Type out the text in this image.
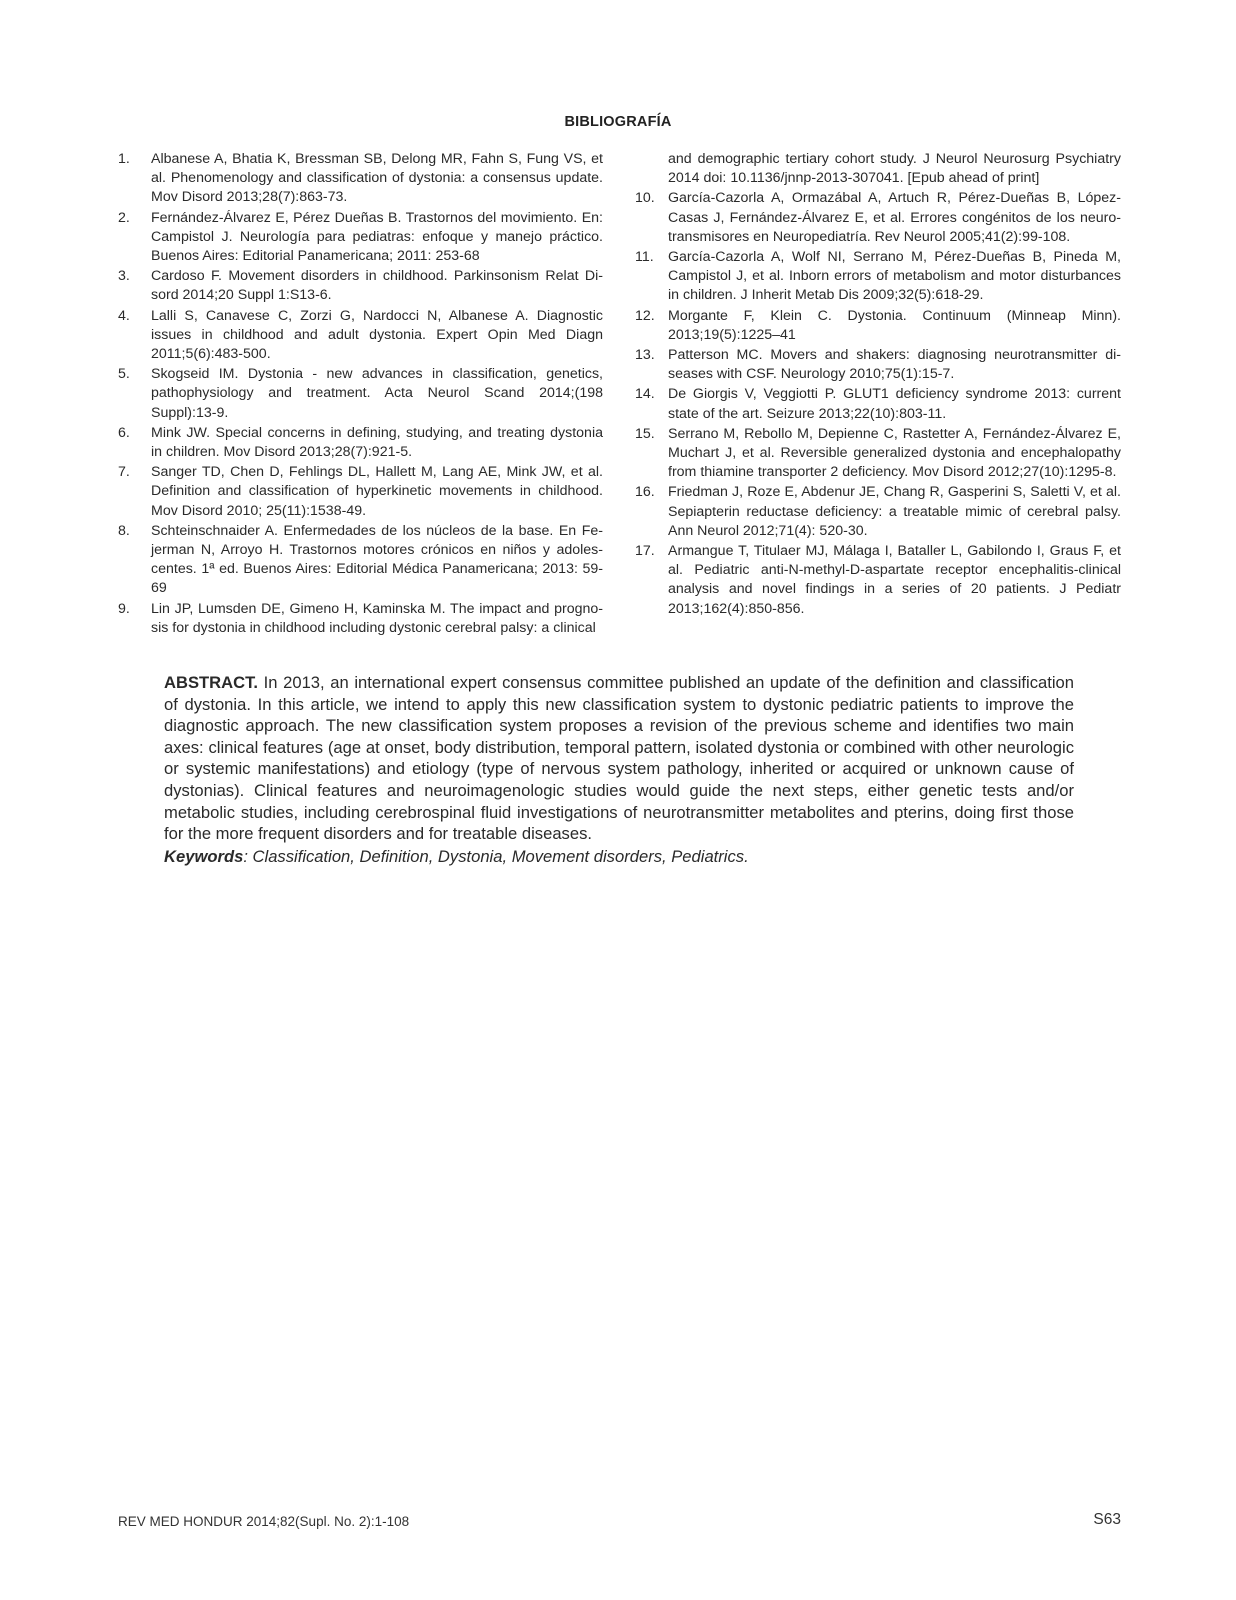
BIBLIOGRAFÍA
1. Albanese A, Bhatia K, Bressman SB, Delong MR, Fahn S, Fung VS, et al. Phenomenology and classification of dystonia: a consensus update. Mov Disord 2013;28(7):863-73.
2. Fernández-Álvarez E, Pérez Dueñas B. Trastornos del movimiento. En: Campistol J. Neurología para pediatras: enfoque y manejo práctico. Buenos Aires: Editorial Panamericana; 2011: 253-68
3. Cardoso F. Movement disorders in childhood. Parkinsonism Relat Disord 2014;20 Suppl 1:S13-6.
4. Lalli S, Canavese C, Zorzi G, Nardocci N, Albanese A. Diagnostic issues in childhood and adult dystonia. Expert Opin Med Diagn 2011;5(6):483-500.
5. Skogseid IM. Dystonia - new advances in classification, genetics, pathophysiology and treatment. Acta Neurol Scand 2014;(198 Suppl):13-9.
6. Mink JW. Special concerns in defining, studying, and treating dystonia in children. Mov Disord 2013;28(7):921-5.
7. Sanger TD, Chen D, Fehlings DL, Hallett M, Lang AE, Mink JW, et al. Definition and classification of hyperkinetic movements in childhood. Mov Disord 2010; 25(11):1538-49.
8. Schteinschnaider A. Enfermedades de los núcleos de la base. En Fejerman N, Arroyo H. Trastornos motores crónicos en niños y adolescentes. 1ª ed. Buenos Aires: Editorial Médica Panamericana; 2013: 59-69
9. Lin JP, Lumsden DE, Gimeno H, Kaminska M. The impact and prognosis for dystonia in childhood including dystonic cerebral palsy: a clinical
and demographic tertiary cohort study. J Neurol Neurosurg Psychiatry 2014 doi: 10.1136/jnnp-2013-307041. [Epub ahead of print]
10. García-Cazorla A, Ormazábal A, Artuch R, Pérez-Dueñas B, López-Casas J, Fernández-Álvarez E, et al. Errores congénitos de los neurotransmisores en Neuropediatría. Rev Neurol 2005;41(2):99-108.
11. García-Cazorla A, Wolf NI, Serrano M, Pérez-Dueñas B, Pineda M, Campistol J, et al. Inborn errors of metabolism and motor disturbances in children. J Inherit Metab Dis 2009;32(5):618-29.
12. Morgante F, Klein C. Dystonia. Continuum (Minneap Minn). 2013;19(5):1225–41
13. Patterson MC. Movers and shakers: diagnosing neurotransmitter diseases with CSF. Neurology 2010;75(1):15-7.
14. De Giorgis V, Veggiotti P. GLUT1 deficiency syndrome 2013: current state of the art. Seizure 2013;22(10):803-11.
15. Serrano M, Rebollo M, Depienne C, Rastetter A, Fernández-Álvarez E, Muchart J, et al. Reversible generalized dystonia and encephalopathy from thiamine transporter 2 deficiency. Mov Disord 2012;27(10):1295-8.
16. Friedman J, Roze E, Abdenur JE, Chang R, Gasperini S, Saletti V, et al. Sepiapterin reductase deficiency: a treatable mimic of cerebral palsy. Ann Neurol 2012;71(4): 520-30.
17. Armangue T, Titulaer MJ, Málaga I, Bataller L, Gabilondo I, Graus F, et al. Pediatric anti-N-methyl-D-aspartate receptor encephalitis-clinical analysis and novel findings in a series of 20 patients. J Pediatr 2013;162(4):850-856.

ABSTRACT. In 2013, an international expert consensus committee published an update of the definition and classification of dystonia. In this article, we intend to apply this new classification system to dystonic pediatric patients to improve the diagnostic approach. The new classification system proposes a revision of the previous scheme and identifies two main axes: clinical features (age at onset, body distribution, temporal pattern, isolated dystonia or combined with other neurologic or systemic manifestations) and etiology (type of nervous system pathology, inherited or acquired or unknown cause of dystonias). Clinical features and neuroimagenologic studies would guide the next steps, either genetic tests and/or metabolic studies, including cerebrospinal fluid investigations of neurotransmitter metabolites and pterins, doing first those for the more frequent disorders and for treatable diseases.

Keywords: Classification, Definition, Dystonia, Movement disorders, Pediatrics.

REV MED HONDUR 2014;82(Supl. No. 2):1-108	S63
